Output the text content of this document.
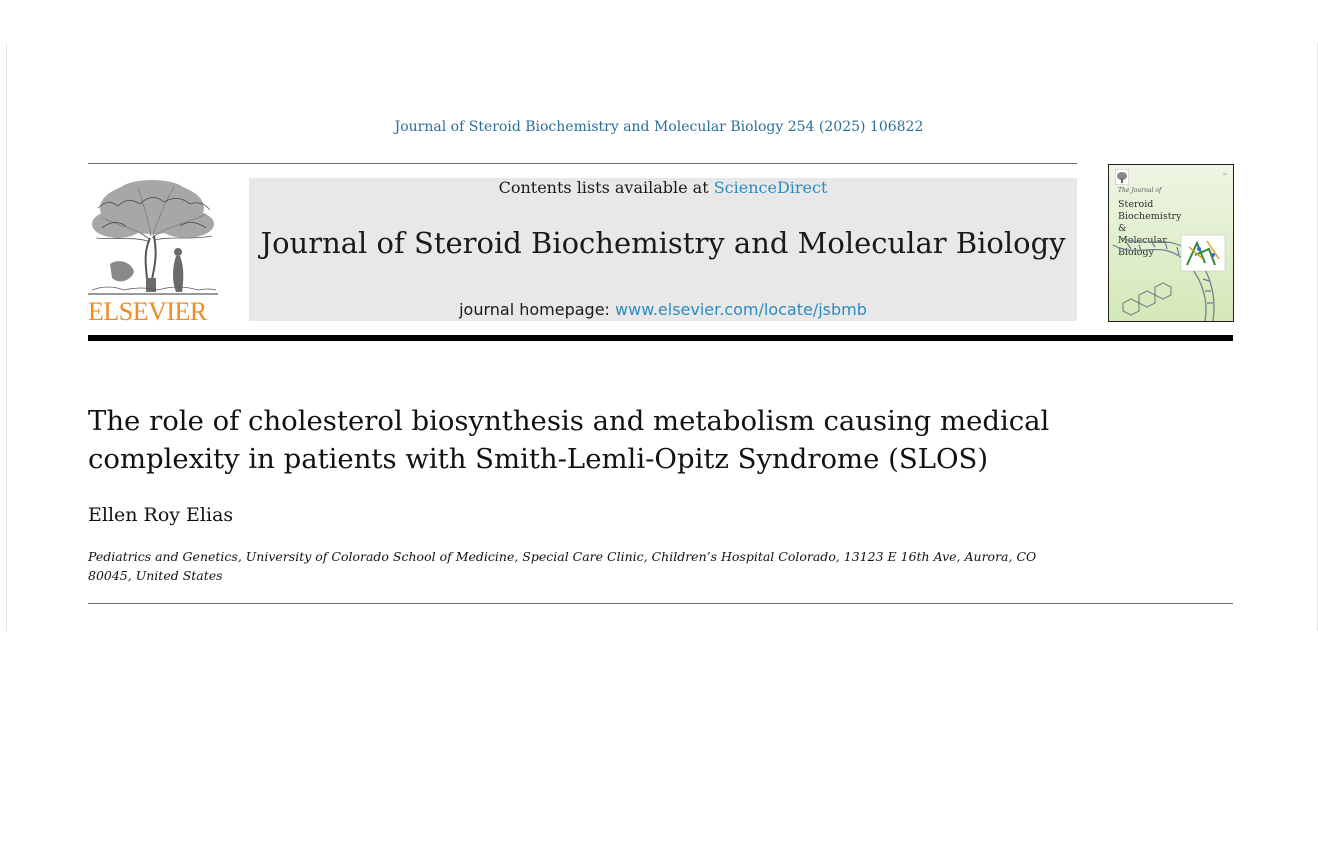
Journal of Steroid Biochemistry and Molecular Biology 254 (2025) 106822
ELSEVIER
Contents lists available at ScienceDirect
Journal of Steroid Biochemistry and Molecular Biology
journal homepage: www.elsevier.com/locate/jsbmb
▭
The Journal of
Steroid
Biochemistry &
Molecular
Biology
The role of cholesterol biosynthesis and metabolism causing medical complexity in patients with Smith-Lemli-Opitz Syndrome (SLOS)
Ellen Roy Elias
Pediatrics and Genetics, University of Colorado School of Medicine, Special Care Clinic, Children’s Hospital Colorado, 13123 E 16th Ave, Aurora, CO 80045, United States
